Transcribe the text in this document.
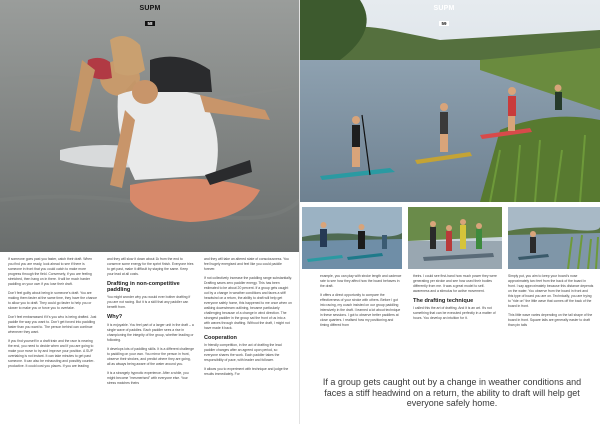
SUPM
58

If someone goes past you faster, catch their draft. When you find you are ready, look ahead to see if there is someone in front that you could catch to make more progress through the field. Conversely, if you are feeling stretched, then hang on in there. It will be much harder paddling on your own if you lose their draft.

Don't feel guilty about being in someone's draft. You are making them faster at the same time, they have the chance to allow you to draft. They could go faster to help you or slower to make you or force you to overtake.

Don't feel embarrassed if it's you who is being drafted. Just paddle the way you want to. Don't get forced into paddling faster than you want to. The person behind can continue whenever they want.

If you find yourself in a draft train and the race is nearing the end, you need to decide when and if you are going to make your move to try and improve your position. A SUP overtaking is not instant. It can take minutes to get past someone. It can also be exhausting and possibly counter-productive. It could cost you places. If you are leading

and they will slow it down about 1k from the end to conserve some energy for the sprint finish. Everyone tries to get past, make it difficult by staying the same. Keep your lead at all costs.

Drafting in non-competitive paddling

You might wonder why you would ever bother drafting if you are not racing. But it is a skill that any paddler can benefit from.

Why?

It is enjoyable. You feel part of a larger unit in the draft – a single wave of paddles. Each paddler sees a rise in championing the integrity of the group, whether leading or following.

It develops lots of paddling skills. It is a different challenge to paddling on your own. You mirror the person in front, observe their strokes, and predict where they are going, all as always being aware of the water around you.

It is a strangely hypnotic experience. After a while, you might become "mesmerised" with everyone else. Your stress matches theirs

and they will take an altered state of consciousness. You feel hugely energised and feel like you could paddle forever.

If not collectively increase the paddling range substantially. Drafting saves zero paddler energy. This has been estimated to be about 20 percent. If a group gets caught out by a change in weather conditions and faces a stiff headwind on a return, the ability to draft will help get everyone safely home, this happened to me once when on walking downstream outlining, became particularly challenging because of a change in wind direction. The strongest paddler in the group sat the front of us into a with waves through drafting. Without the draft, I might not have made it back.

Cooperation

In friendly competition, in the act of drafting the lead paddler changes after an agreed upon period, so everyone shares the work. Each paddler takes the responsibility of pace, with leader and follower.

It allows you to experiment with technique and judge the results immediately. For

SUPM
59

example, you can play with stroke length and cadence rate to see how they affect how the board behaves in the draft.

It offers a direct opportunity to compare the effectiveness of your stroke with others. Before I got into racing, my coach insisted on our group paddling intensively in the draft. I learned a lot about technique in these sessions. I got to observe better paddlers at close quarters. I realised how my positioning and timing differed from

theirs. I could see first-hand how much power they were generating per stroke and see how used their bodies differently from me. It was a great model to self-awareness and a stimulus for active movement.

The drafting technique

I called this the art of drafting. And it is an art. It's not something that can be executed perfectly in a matter of hours. You develop an intuition for it.

Simply put, you aim to keep your board's nose approximately two feet from the back of the board in front. I say approximately because this distance depends on the water. You observe from the board in front and this type of board you are on. Technically, you are trying to "ride on" the little wave that comes off the back of the board in front.

This little wave varies depending on the tail shape of the board in front. Square tails are generally easier to draft than pin tails

If a group gets caught out by a change in weather conditions and faces a stiff headwind on a return, the ability to draft will help get everyone safely home.
